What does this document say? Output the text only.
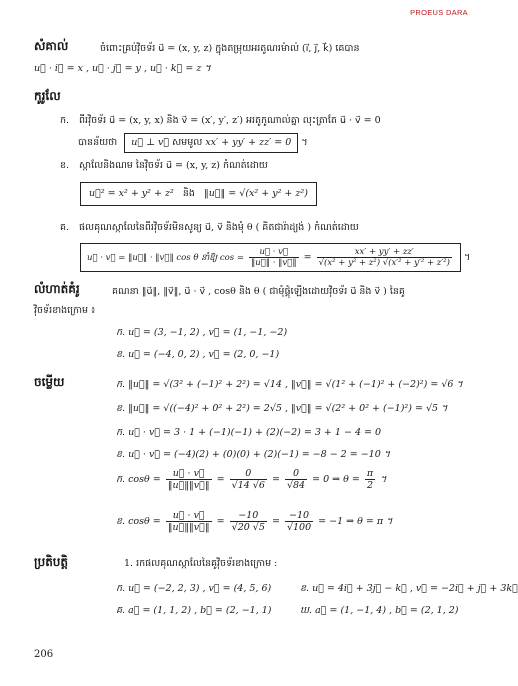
PROEUS DARA
សំគាល់	ចំពោះគ្រប់វ៉ិចទ័រ u⃗ = (x, y, z) ក្នុងតម្រុយអរតូណរម៉ាល់ (i⃗, j⃗, k⃗) គេបាន
u⃗ · i⃗ = x , u⃗ · j⃗ = y , u⃗ · k⃗ = z ។
កូរូលែ
ក. ពីរវ៉ិចទ័រ u⃗ = (x, y, x) និង v⃗ = (x′, y′, z′) អរតូកូណាល់គ្នា លុះត្រាតែ u⃗ · v⃗ = 0
បានន័យថា u⃗ ⊥ v⃗ សមមូល xx′ + yy′ + zz′ = 0 ។
ខ. ស្កាលែនិងណម នៃវ៉ិចទ័រ u⃗ = (x, y, z) កំណត់ដោយ
u⃗² = x² + y² + z² និង ‖u⃗‖ = √(x² + y² + z²)
គ. ផលគុណស្កាលែនៃពីរវ៉ិចទ័រមិនសូន្យ u⃗, v⃗ និងមុំ θ ( គិតជារ៉ាដ្យង់ ) កំណត់ដោយ
u⃗ · v⃗ = ‖u⃗‖ · ‖v⃗‖ cos θ នាំឱ្យ $\cos = \frac{u⃗ \cdot v⃗}{‖u⃗‖ \cdot ‖v⃗‖} = \frac{xx' + yy' + zz'}{\text{√(x² + y² + z²) √(x′² + y′² + z′²)}}$ ។
លំហាត់គំរូ	គណនា ‖u⃗‖, ‖v⃗‖, u⃗ · v⃗ , cosθ និង θ ( ជាមុំផ្គុំឡើងដោយវ៉ិចទ័រ u⃗ និង v⃗ ) នៃគូ
វ៉ិចទ័រខាងក្រោម ៖
ក. u⃗ = (3, −1, 2) , v⃗ = (1, −1, −2)
ខ. u⃗ = (−4, 0, 2) , v⃗ = (2, 0, −1)
ចម្លើយ	ក. ‖u⃗‖ = √(3² + (−1)² + 2²) = √14 , ‖v⃗‖ = √(1² + (−1)² + (−2)²) = √6 ។
ខ. ‖u⃗‖ = √((−4)² + 0² + 2²) = 2√5 , ‖v⃗‖ = √(2² + 0² + (−1)²) = √5 ។
ក. u⃗ · v⃗ = 3 · 1 + (−1)(−1) + (2)(−2) = 3 + 1 − 4 = 0
ខ. u⃗ · v⃗ = (−4)(2) + (0)(0) + (2)(−1) = −8 − 2 = −10 ។
ក. $\cos\theta = \frac{u⃗ \cdot v⃗}{‖u⃗‖‖v⃗‖} = \frac{0}{√14 √6} = \frac{0}{√84} = 0$ ⇒ $\theta = \frac{\pi}{2}$ ។
ខ. $\cos\theta = \frac{u⃗ \cdot v⃗}{‖u⃗‖‖v⃗‖} = \frac{-10}{√20 √5} = \frac{-10}{√100} = -1$ ⇒ θ = π ។
ប្រតិបត្តិ	1. រកផលគុណស្កាលែនៃគូវ៉ិចទ័រខាងក្រោម :
ក. u⃗ = (−2, 2, 3) , v⃗ = (4, 5, 6)	ខ. u⃗ = 4i⃗ + 3j⃗ − k⃗ , v⃗ = −2i⃗ + j⃗ + 3k⃗
គ. a⃗ = (1, 1, 2) , b⃗ = (2, −1, 1)	ឃ. a⃗ = (1, −1, 4) , b⃗ = (2, 1, 2)
206
